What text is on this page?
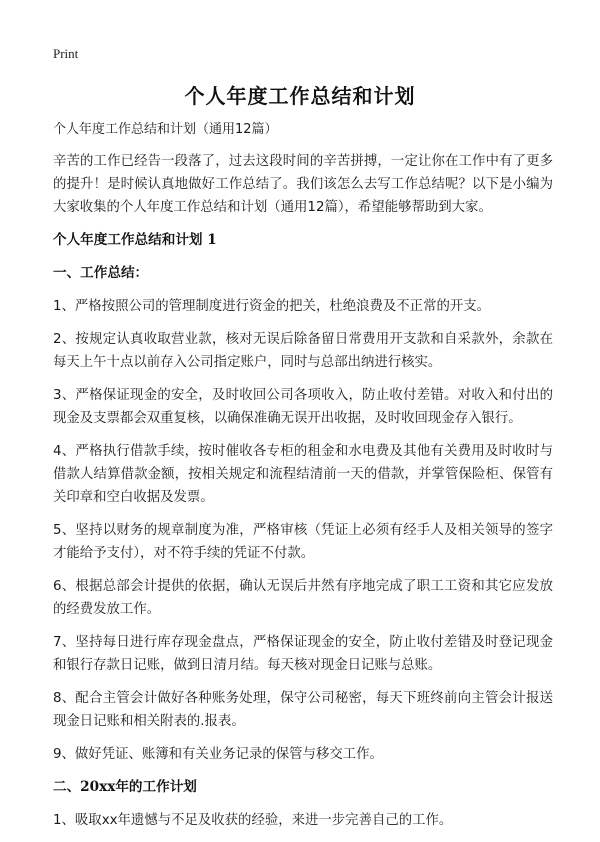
Print
个人年度工作总结和计划

个人年度工作总结和计划（通用12篇）

辛苦的工作已经告一段落了，过去这段时间的辛苦拼搏，一定让你在工作中有了更多的提升！是时候认真地做好工作总结了。我们该怎么去写工作总结呢？以下是小编为大家收集的个人年度工作总结和计划（通用12篇），希望能够帮助到大家。

个人年度工作总结和计划 1

一、工作总结：

1、严格按照公司的管理制度进行资金的把关，杜绝浪费及不正常的开支。

2、按规定认真收取营业款，核对无误后除备留日常费用开支款和自采款外，余款在每天上午十点以前存入公司指定账户，同时与总部出纳进行核实。

3、严格保证现金的安全，及时收回公司各项收入，防止收付差错。对收入和付出的现金及支票都会双重复核，以确保准确无误开出收据，及时收回现金存入银行。

4、严格执行借款手续，按时催收各专柜的租金和水电费及其他有关费用及时收时与借款人结算借款金额，按相关规定和流程结清前一天的借款，并掌管保险柜、保管有关印章和空白收据及发票。

5、坚持以财务的规章制度为准，严格审核（凭证上必须有经手人及相关领导的签字才能给予支付），对不符手续的凭证不付款。

6、根据总部会计提供的依据，确认无误后井然有序地完成了职工工资和其它应发放的经费发放工作。

7、坚持每日进行库存现金盘点，严格保证现金的安全，防止收付差错及时登记现金和银行存款日记账，做到日清月结。每天核对现金日记账与总账。

8、配合主管会计做好各种账务处理，保守公司秘密，每天下班终前向主管会计报送现金日记账和相关附表的.报表。

9、做好凭证、账簿和有关业务记录的保管与移交工作。

二、20xx年的工作计划

1、吸取xx年遗憾与不足及收获的经验，来进一步完善自己的工作。
